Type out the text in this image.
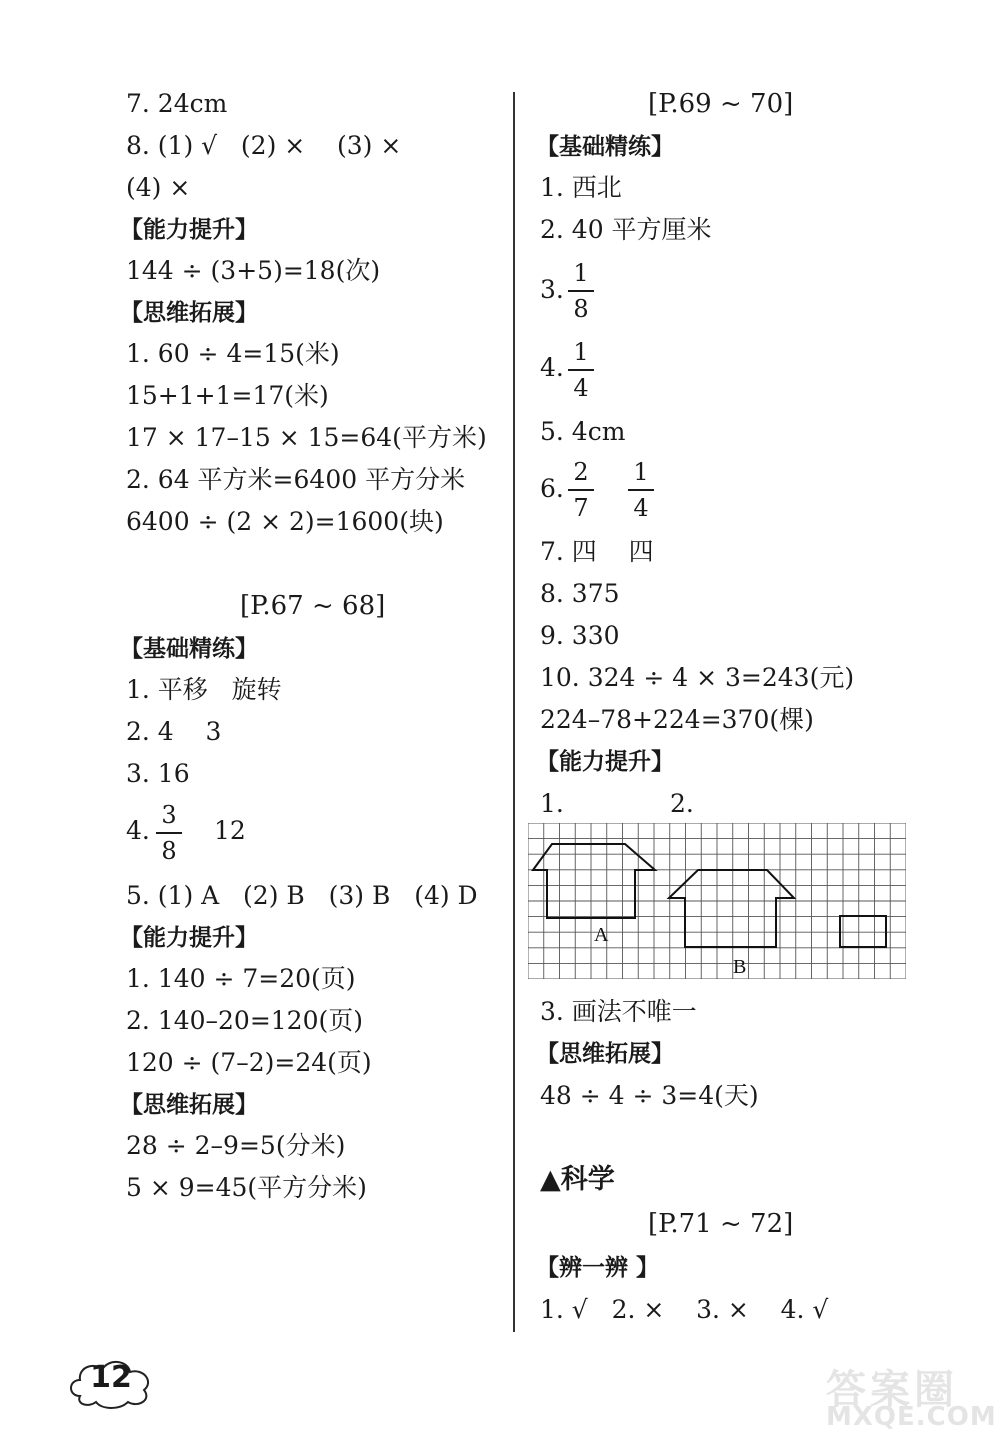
7. 24cm
8. (1) √   (2) ×    (3) ×
(4) ×
【能力提升】
144 ÷ (3+5)=18(次)
【思维拓展】
1. 60 ÷ 4=15(米)
15+1+1=17(米)
17 × 17–15 × 15=64(平方米)
2. 64 平方米=6400 平方分米
6400 ÷ (2 × 2)=1600(块)
[P.67 ~ 68]
【基础精练】
1. 平移   旋转
2. 4    3
3. 16
4.
3
8
12
5. (1) A   (2) B   (3) B   (4) D
【能力提升】
1. 140 ÷ 7=20(页)
2. 140–20=120(页)
120 ÷ (7–2)=24(页)
【思维拓展】
28 ÷ 2–9=5(分米)
5 × 9=45(平方分米)
[P.69 ~ 70]
【基础精练】
1. 西北
2. 40 平方厘米
3.
1
8
4.
1
4
5. 4cm
6.
2
7
1
4
7. 四    四
8. 375
9. 330
10. 324 ÷ 4 × 3=243(元)
224–78+224=370(棵)
【能力提升】
1.	2.
A
B
3. 画法不唯一
【思维拓展】
48 ÷ 4 ÷ 3=4(天)
▲科学
[P.71 ~ 72]
【辨一辨 】
1. √   2. ×    3. ×    4. √
12	答案圈
MXQE.COM
